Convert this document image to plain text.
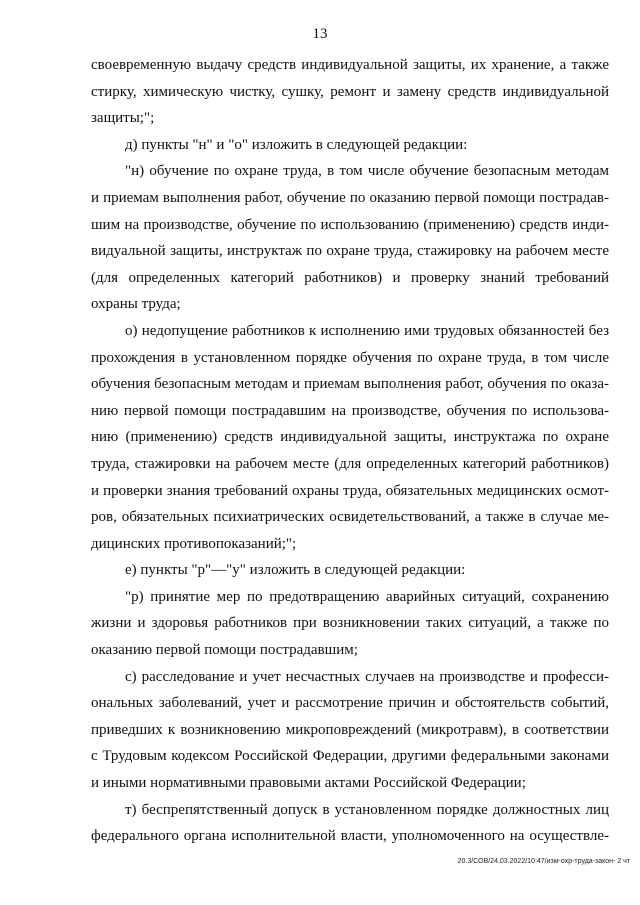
13
своевременную выдачу средств индивидуальной защиты, их хранение, а также
стирку, химическую чистку, сушку, ремонт и замену средств индивидуальной
защиты;";
д) пункты "н" и "о" изложить в следующей редакции:
"н) обучение по охране труда, в том числе обучение безопасным методам
и приемам выполнения работ, обучение по оказанию первой помощи пострадав-
шим на производстве, обучение по использованию (применению) средств инди-
видуальной защиты, инструктаж по охране труда, стажировку на рабочем месте
(для определенных категорий работников) и проверку знаний требований
охраны труда;
о) недопущение работников к исполнению ими трудовых обязанностей без
прохождения в установленном порядке обучения по охране труда, в том числе
обучения безопасным методам и приемам выполнения работ, обучения по оказа-
нию первой помощи пострадавшим на производстве, обучения по использова-
нию (применению) средств индивидуальной защиты, инструктажа по охране
труда, стажировки на рабочем месте (для определенных категорий работников)
и проверки знания требований охраны труда, обязательных медицинских осмот-
ров, обязательных психиатрических освидетельствований, а также в случае ме-
дицинских противопоказаний;";
е) пункты "р"—"у" изложить в следующей редакции:
"р) принятие мер по предотвращению аварийных ситуаций, сохранению
жизни и здоровья работников при возникновении таких ситуаций, а также по
оказанию первой помощи пострадавшим;
с) расследование и учет несчастных случаев на производстве и професси-
ональных заболеваний, учет и рассмотрение причин и обстоятельств событий,
приведших к возникновению микроповреждений (микротравм), в соответствии
с Трудовым кодексом Российской Федерации, другими федеральными законами
и иными нормативными правовыми актами Российской Федерации;
т) беспрепятственный допуск в установленном порядке должностных лиц
федерального органа исполнительной власти, уполномоченного на осуществле-
20.3/СОВ/24.03.2022/10:47/изм-охр-труда-закон- 2 чт
